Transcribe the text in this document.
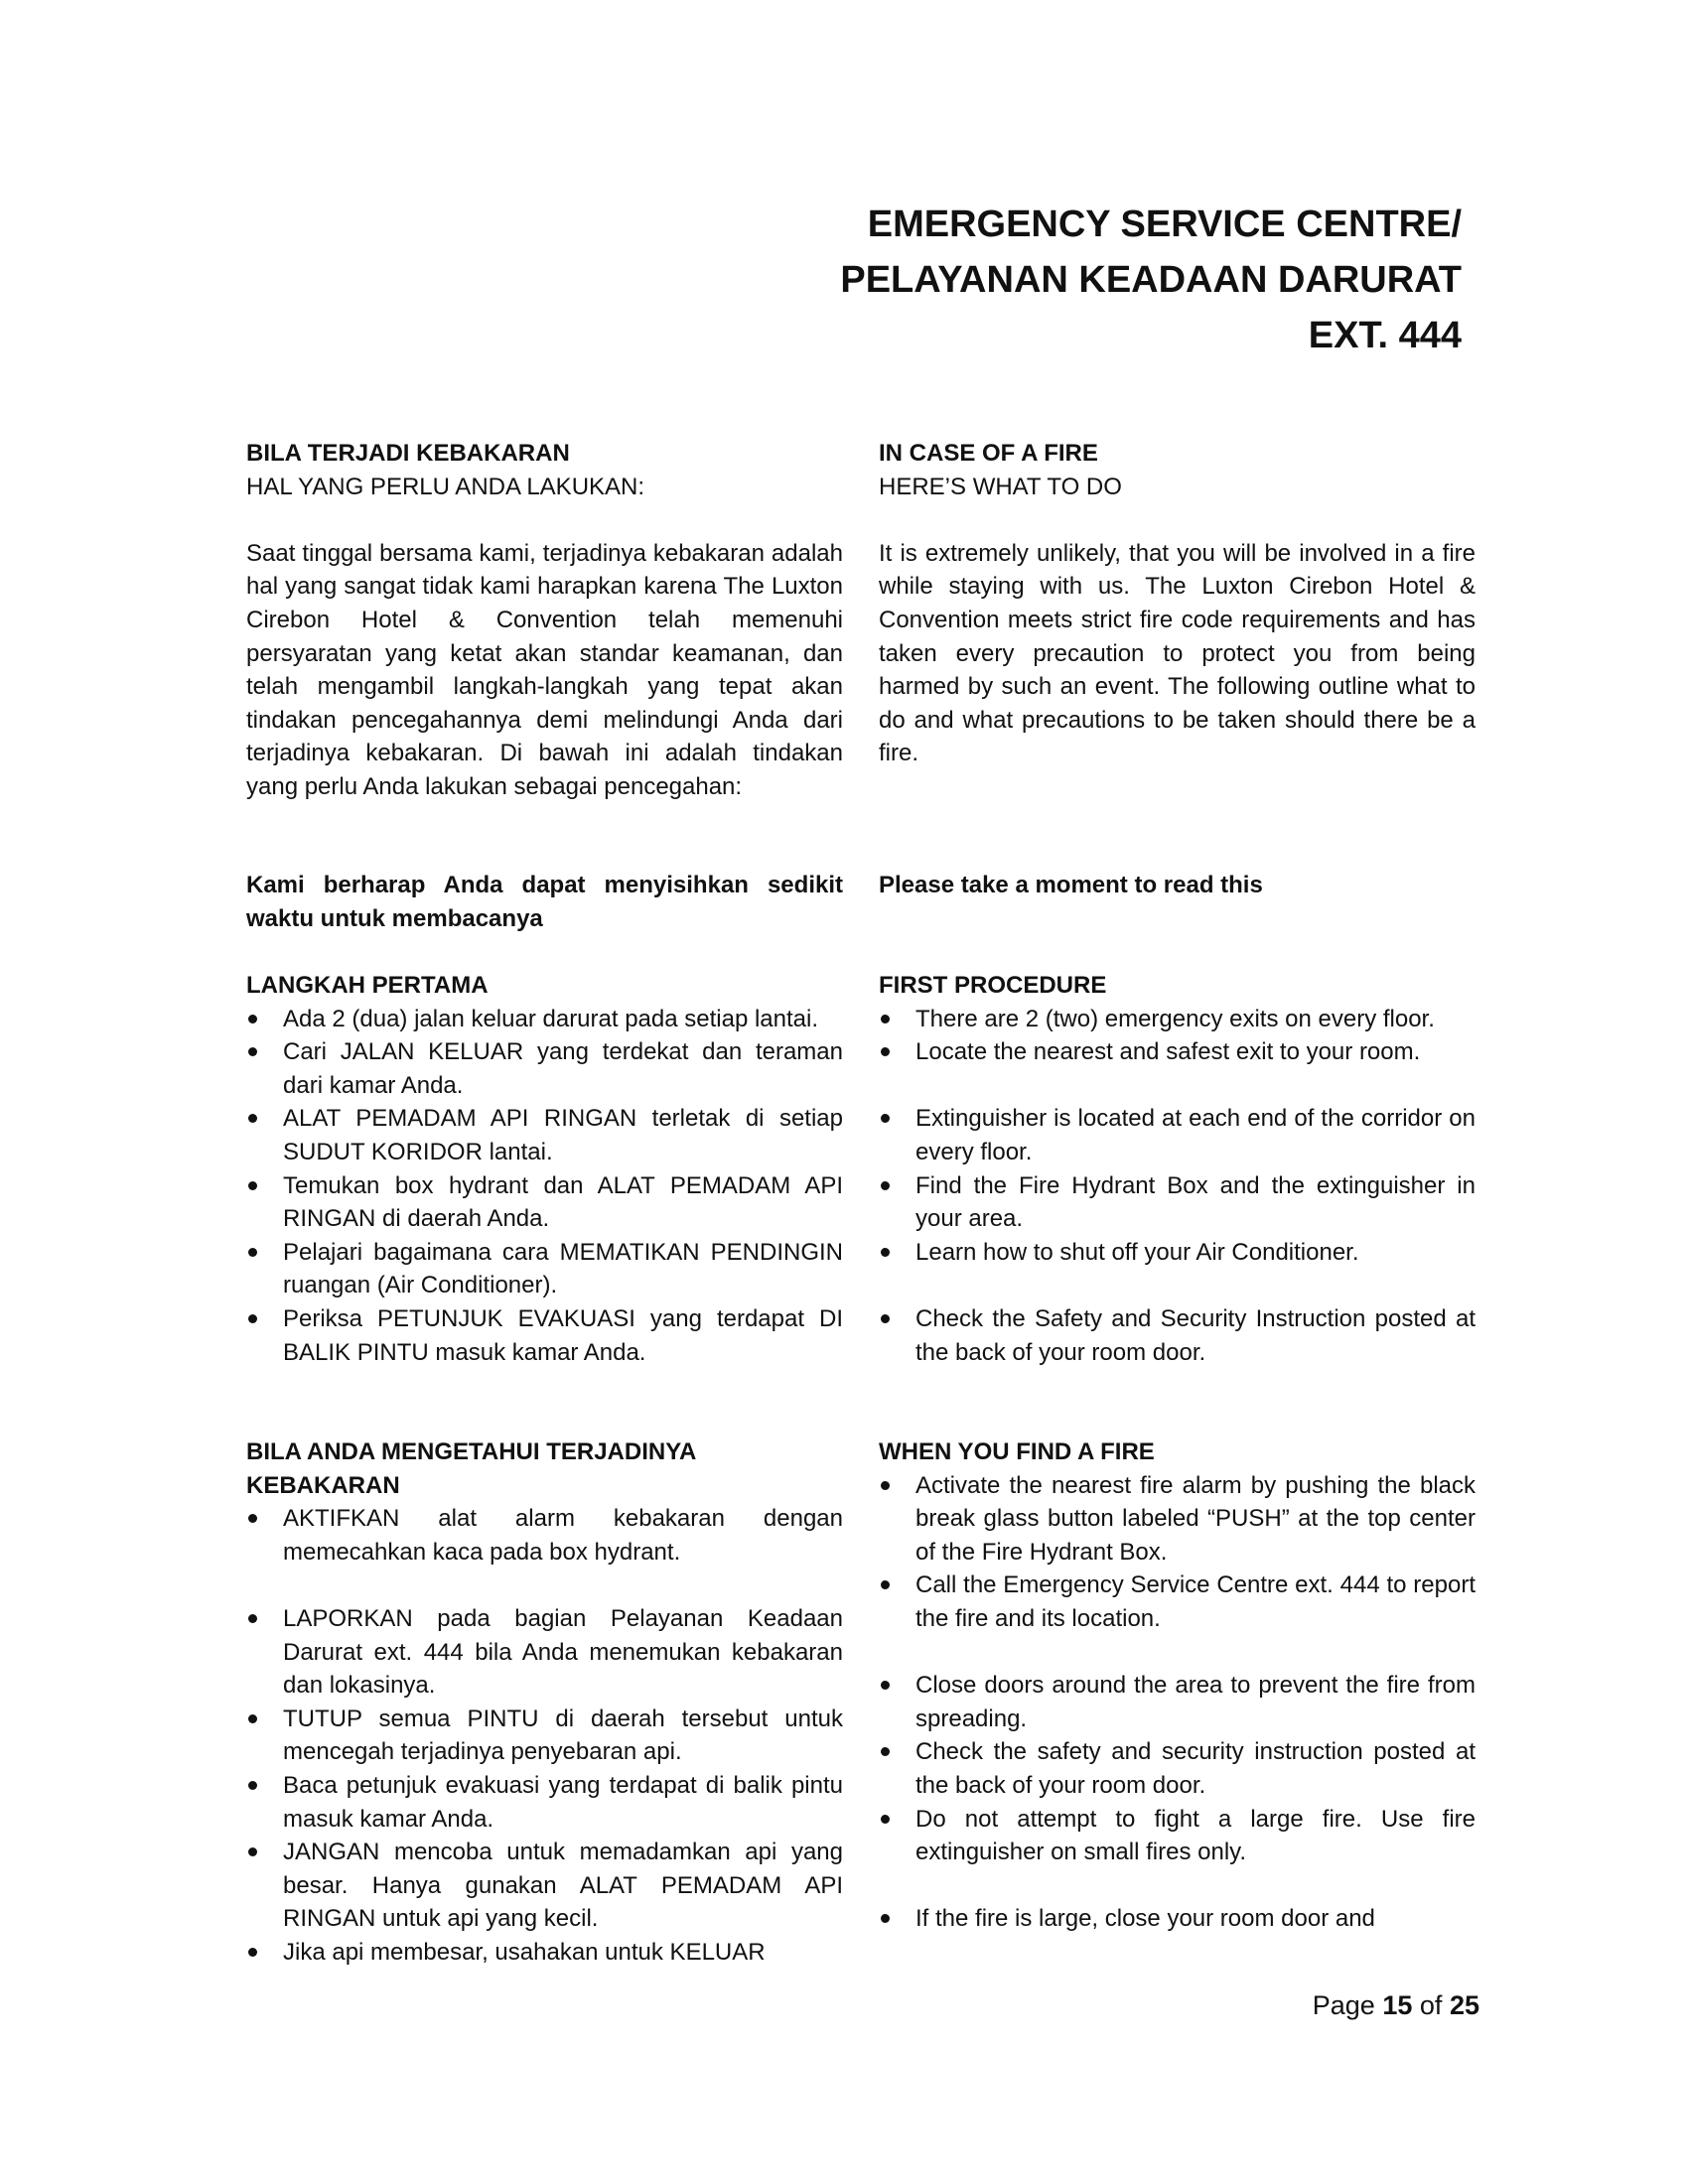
EMERGENCY SERVICE CENTRE/
PELAYANAN KEADAAN DARURAT
EXT. 444

BILA TERJADI KEBAKARAN

HAL YANG PERLU ANDA LAKUKAN:

Saat tinggal bersama kami, terjadinya kebakaran adalah hal yang sangat tidak kami harapkan karena The Luxton Cirebon Hotel & Convention telah memenuhi persyaratan yang ketat akan standar keamanan, dan telah mengambil langkah-langkah yang tepat akan tindakan pencegahannya demi melindungi Anda dari terjadinya kebakaran. Di bawah ini adalah tindakan yang perlu Anda lakukan sebagai pencegahan:

Kami berharap Anda dapat menyisihkan sedikit waktu untuk membacanya

LANGKAH PERTAMA

Ada 2 (dua) jalan keluar darurat pada setiap lantai.
Cari JALAN KELUAR yang terdekat dan teraman dari kamar Anda.
ALAT PEMADAM API RINGAN terletak di setiap SUDUT KORIDOR lantai.
Temukan box hydrant dan ALAT PEMADAM API RINGAN di daerah Anda.
Pelajari bagaimana cara MEMATIKAN PENDINGIN ruangan (Air Conditioner).
Periksa PETUNJUK EVAKUASI yang terdapat DI BALIK PINTU masuk kamar Anda.

BILA ANDA MENGETAHUI TERJADINYA KEBAKARAN

AKTIFKAN alat alarm kebakaran dengan memecahkan kaca pada box hydrant.
LAPORKAN pada bagian Pelayanan Keadaan Darurat ext. 444 bila Anda menemukan kebakaran dan lokasinya.
TUTUP semua PINTU di daerah tersebut untuk mencegah terjadinya penyebaran api.
Baca petunjuk evakuasi yang terdapat di balik pintu masuk kamar Anda.
JANGAN mencoba untuk memadamkan api yang besar. Hanya gunakan ALAT PEMADAM API RINGAN untuk api yang kecil.
Jika api membesar, usahakan untuk KELUAR

IN CASE OF A FIRE

HERE’S WHAT TO DO

It is extremely unlikely, that you will be involved in a fire while staying with us. The Luxton Cirebon Hotel & Convention meets strict fire code requirements and has taken every precaution to protect you from being harmed by such an event. The following outline what to do and what precautions to be taken should there be a fire.

Please take a moment to read this

FIRST PROCEDURE

There are 2 (two) emergency exits on every floor.
Locate the nearest and safest exit to your room.
Extinguisher is located at each end of the corridor on every floor.
Find the Fire Hydrant Box and the extinguisher in your area.
Learn how to shut off your Air Conditioner.
Check the Safety and Security Instruction posted at the back of your room door.

WHEN YOU FIND A FIRE

Activate the nearest fire alarm by pushing the black break glass button labeled “PUSH” at the top center of the Fire Hydrant Box.
Call the Emergency Service Centre ext. 444 to report the fire and its location.
Close doors around the area to prevent the fire from spreading.
Check the safety and security instruction posted at the back of your room door.
Do not attempt to fight a large fire. Use fire extinguisher on small fires only.
If the fire is large, close your room door and
Page 15 of 25
